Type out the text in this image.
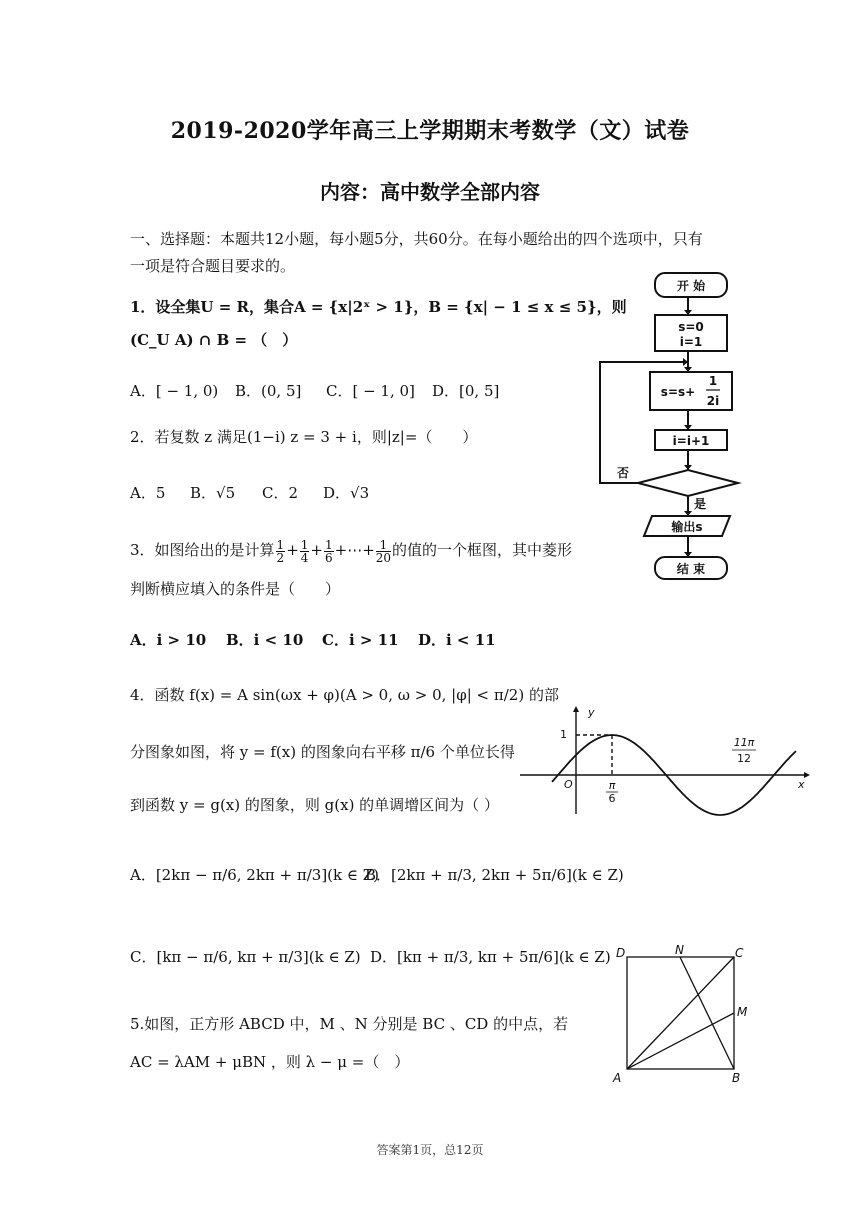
2019-2020学年高三上学期期末考数学（文）试卷
内容：高中数学全部内容
一、选择题：本题共12小题，每小题5分，共60分。在每小题给出的四个选项中，只有
一项是符合题目要求的。
1．设全集U = R，集合A = {x|2ˣ > 1}，B = {x| − 1 ≤ x ≤ 5}，则
(C_U A) ∩ B = （　）
A．[ − 1, 0) B．(0, 5] C．[ − 1, 0] D．[0, 5]
2．若复数 z 满足(1−i) z = 3 + i，则|z|=（　　）
A．5 B．√5 C．2 D．√3
3．如图给出的是计算 $\frac{1}{2} + \frac{1}{4} + \frac{1}{6}$ +⋯+ $\frac{1}{20}$ 的值的一个框图，其中菱形
判断横应填入的条件是（　　）
A．i > 10 B．i < 10 C．i > 11 D．i < 11
4．函数 f(x) = A sin(ωx + φ)(A > 0, ω > 0, |φ| < π/2) 的部
分图象如图，将 y = f(x) 的图象向右平移 π/6 个单位长得
到函数 y = g(x) 的图象，则 g(x) 的单调增区间为（ ）
A．[2kπ − π/6, 2kπ + π/3](k ∈ Z)
B．[2kπ + π/3, 2kπ + 5π/6](k ∈ Z)
C．[kπ − π/6, kπ + π/3](k ∈ Z) D．[kπ + π/3, kπ + 5π/6](k ∈ Z)
5.如图，正方形 ABCD 中，M 、N 分别是 BC 、CD 的中点，若
AC = λAM + μBN ，则 λ − μ =（　）
开 始
s=0
i=1
s=s+
1
2i
i=i+1
否
是
输出s
结 束
y
x
O
1
π
6
11π
12
D	N	C
M
A	B
答案第1页，总12页
